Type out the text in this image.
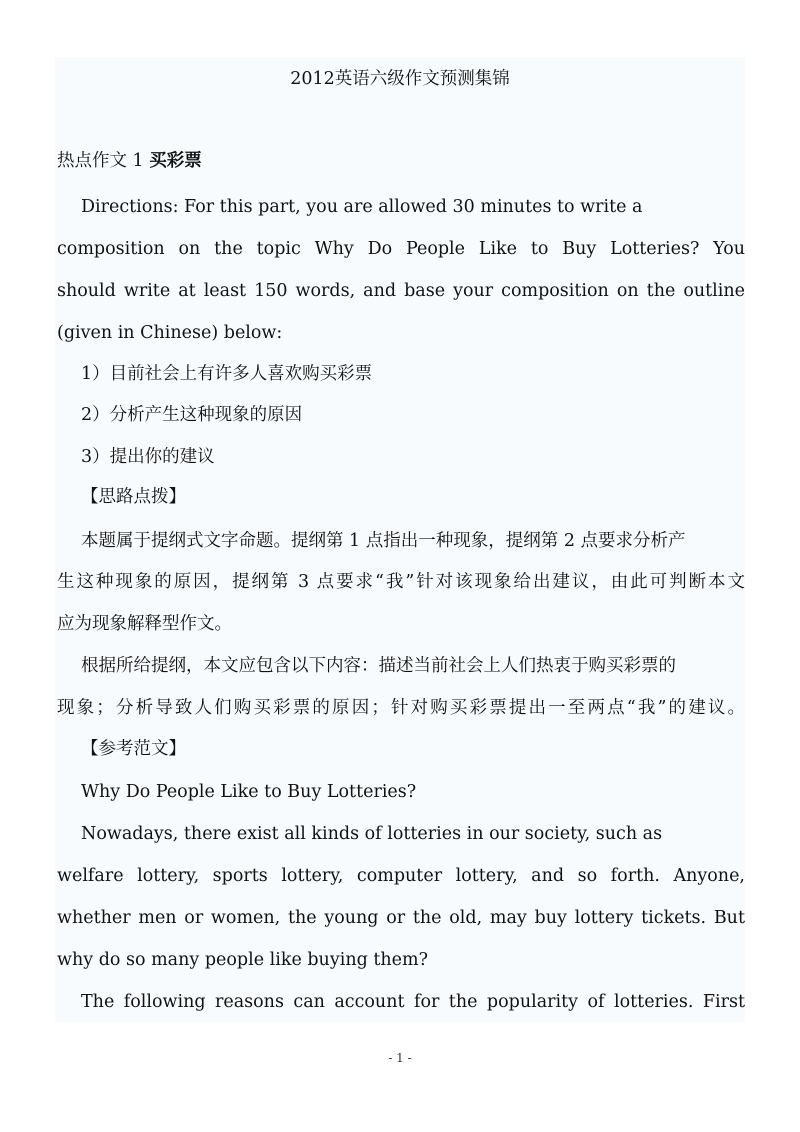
2012英语六级作文预测集锦
热点作文 1 买彩票
Directions: For this part, you are allowed 30 minutes to write a
composition on the topic Why Do People Like to Buy Lotteries? You
should write at least 150 words, and base your composition on the outline
(given in Chinese) below:
1）目前社会上有许多人喜欢购买彩票
2）分析产生这种现象的原因
3）提出你的建议
【思路点拨】
本题属于提纲式文字命题。提纲第 1 点指出一种现象，提纲第 2 点要求分析产
生这种现象的原因，提纲第 3 点要求“我”针对该现象给出建议，由此可判断本文
应为现象解释型作文。
根据所给提纲，本文应包含以下内容：描述当前社会上人们热衷于购买彩票的
现象；分析导致人们购买彩票的原因；针对购买彩票提出一至两点“我”的建议。
【参考范文】
Why Do People Like to Buy Lotteries?
Nowadays, there exist all kinds of lotteries in our society, such as
welfare lottery, sports lottery, computer lottery, and so forth. Anyone,
whether men or women, the young or the old, may buy lottery tickets. But
why do so many people like buying them?
The following reasons can account for the popularity of lotteries. First
- 1 -
